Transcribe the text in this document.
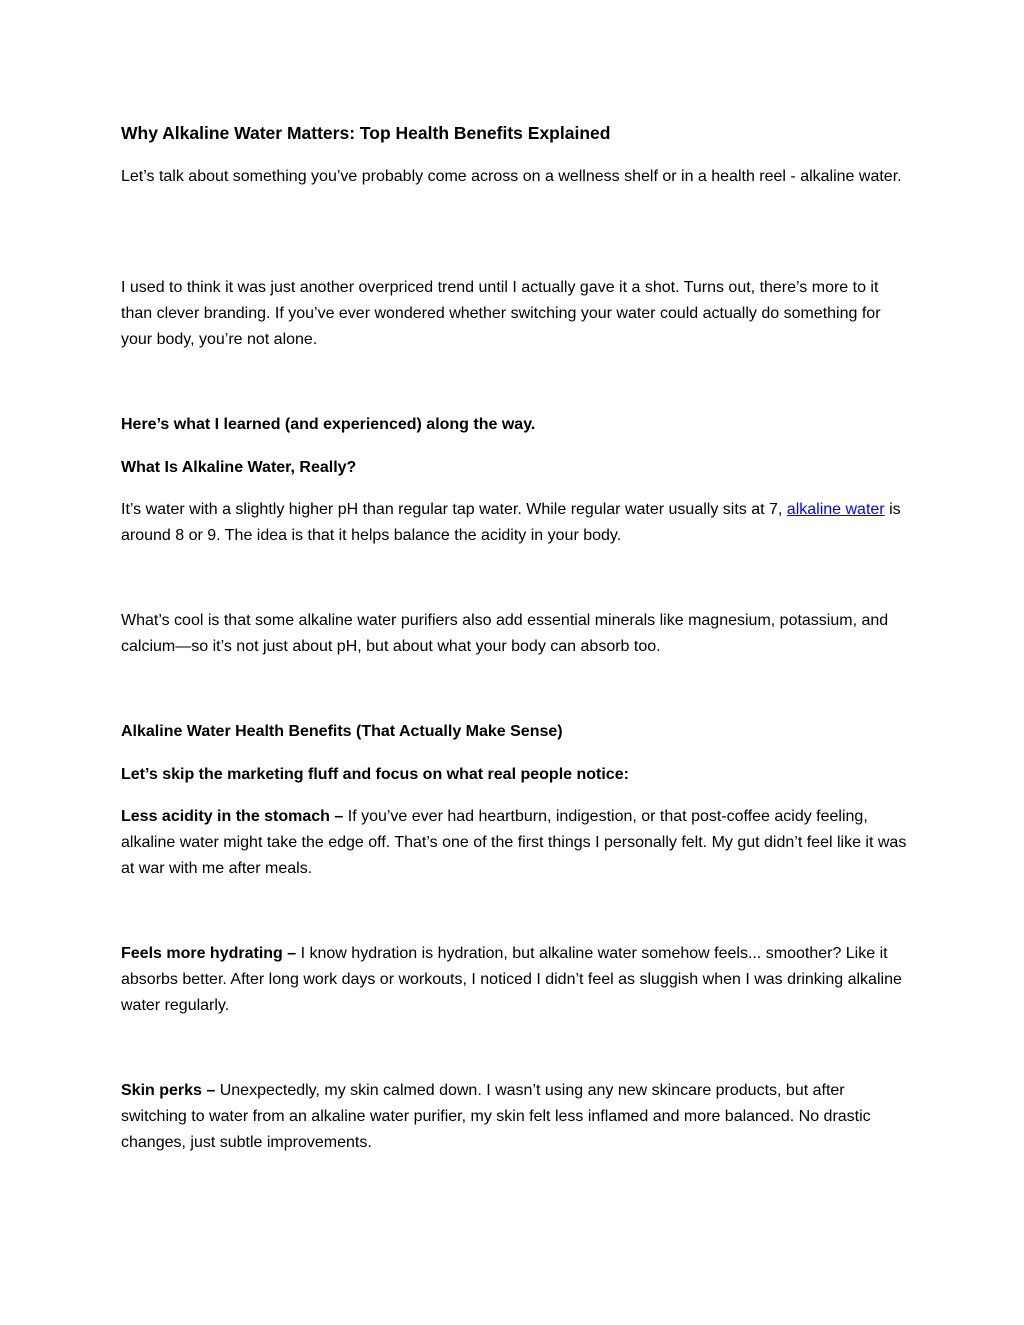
Why Alkaline Water Matters: Top Health Benefits Explained

Let’s talk about something you’ve probably come across on a wellness shelf or in a health reel - alkaline water.

I used to think it was just another overpriced trend until I actually gave it a shot. Turns out, there’s more to it than clever branding. If you’ve ever wondered whether switching your water could actually do something for your body, you’re not alone.

Here’s what I learned (and experienced) along the way.

What Is Alkaline Water, Really?

It’s water with a slightly higher pH than regular tap water. While regular water usually sits at 7, alkaline water is around 8 or 9. The idea is that it helps balance the acidity in your body.

What’s cool is that some alkaline water purifiers also add essential minerals like magnesium, potassium, and calcium—so it’s not just about pH, but about what your body can absorb too.

Alkaline Water Health Benefits (That Actually Make Sense)

Let’s skip the marketing fluff and focus on what real people notice:

Less acidity in the stomach – If you’ve ever had heartburn, indigestion, or that post-coffee acidy feeling, alkaline water might take the edge off. That’s one of the first things I personally felt. My gut didn’t feel like it was at war with me after meals.

Feels more hydrating – I know hydration is hydration, but alkaline water somehow feels... smoother? Like it absorbs better. After long work days or workouts, I noticed I didn’t feel as sluggish when I was drinking alkaline water regularly.

Skin perks – Unexpectedly, my skin calmed down. I wasn’t using any new skincare products, but after switching to water from an alkaline water purifier, my skin felt less inflamed and more balanced. No drastic changes, just subtle improvements.
